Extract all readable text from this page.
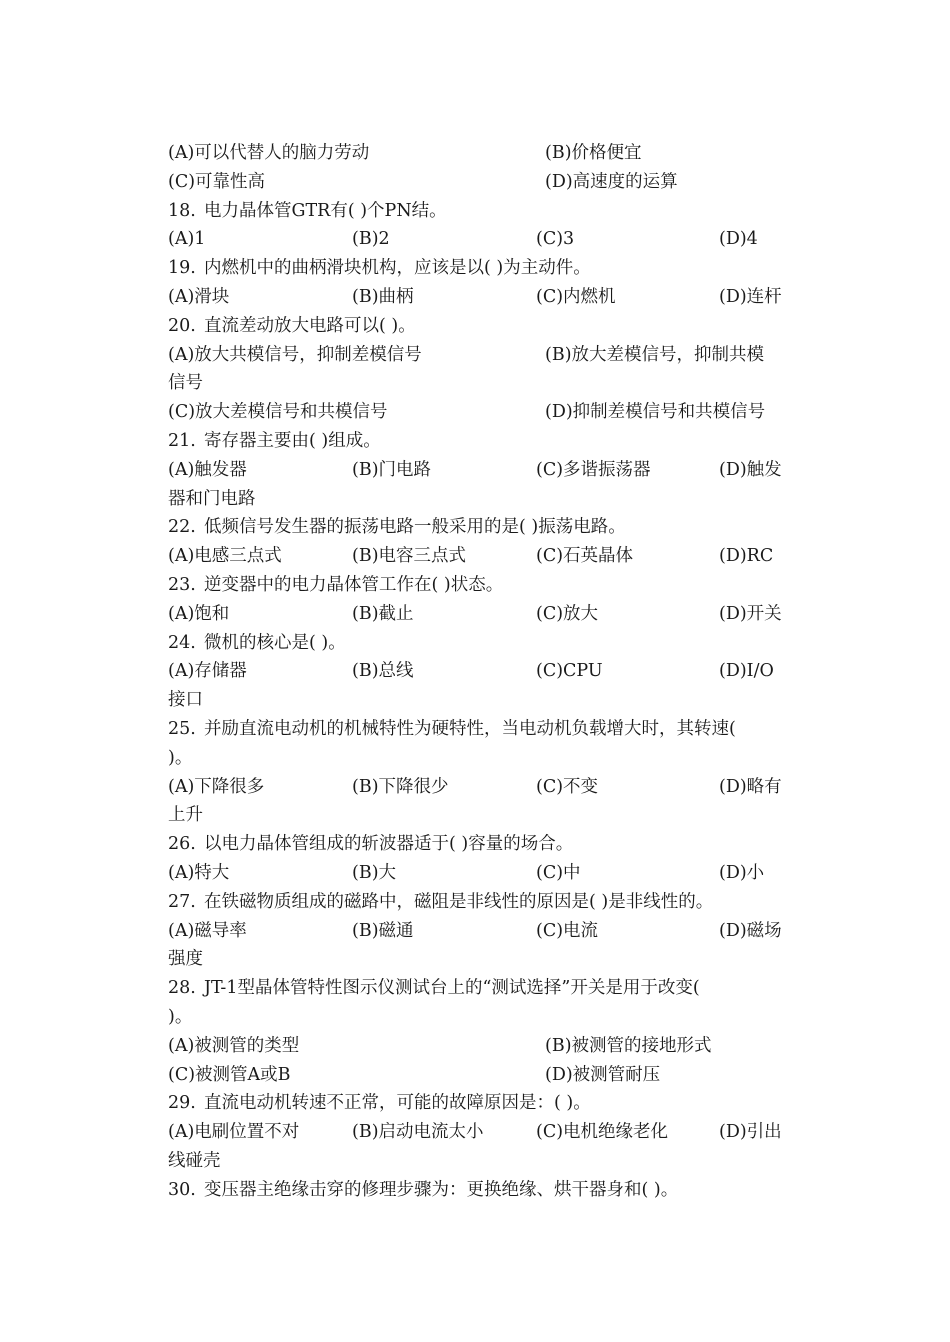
(A)可以代替人的脑力劳动	(B)价格便宜
(C)可靠性高	(D)高速度的运算
18. 电力晶体管GTR有( )个PN结。
(A)1	(B)2	(C)3	(D)4
19. 内燃机中的曲柄滑块机构，应该是以( )为主动件。
(A)滑块	(B)曲柄	(C)内燃机	(D)连杆
20. 直流差动放大电路可以( )。
(A)放大共模信号，抑制差模信号	(B)放大差模信号，抑制共模
信号
(C)放大差模信号和共模信号	(D)抑制差模信号和共模信号
21. 寄存器主要由( )组成。
(A)触发器	(B)门电路	(C)多谐振荡器	(D)触发
器和门电路
22. 低频信号发生器的振荡电路一般采用的是( )振荡电路。
(A)电感三点式	(B)电容三点式	(C)石英晶体	(D)RC
23. 逆变器中的电力晶体管工作在( )状态。
(A)饱和	(B)截止	(C)放大	(D)开关
24. 微机的核心是( )。
(A)存储器	(B)总线	(C)CPU	(D)I/O
接口
25. 并励直流电动机的机械特性为硬特性，当电动机负载增大时，其转速(
)。
(A)下降很多	(B)下降很少	(C)不变	(D)略有
上升
26. 以电力晶体管组成的斩波器适于( )容量的场合。
(A)特大	(B)大	(C)中	(D)小
27. 在铁磁物质组成的磁路中，磁阻是非线性的原因是( )是非线性的。
(A)磁导率	(B)磁通	(C)电流	(D)磁场
强度
28. JT-1型晶体管特性图示仪测试台上的“测试选择”开关是用于改变(
)。
(A)被测管的类型	(B)被测管的接地形式
(C)被测管A或B	(D)被测管耐压
29. 直流电动机转速不正常，可能的故障原因是：( )。
(A)电刷位置不对	(B)启动电流太小	(C)电机绝缘老化	(D)引出
线碰壳
30. 变压器主绝缘击穿的修理步骤为：更换绝缘、烘干器身和( )。
